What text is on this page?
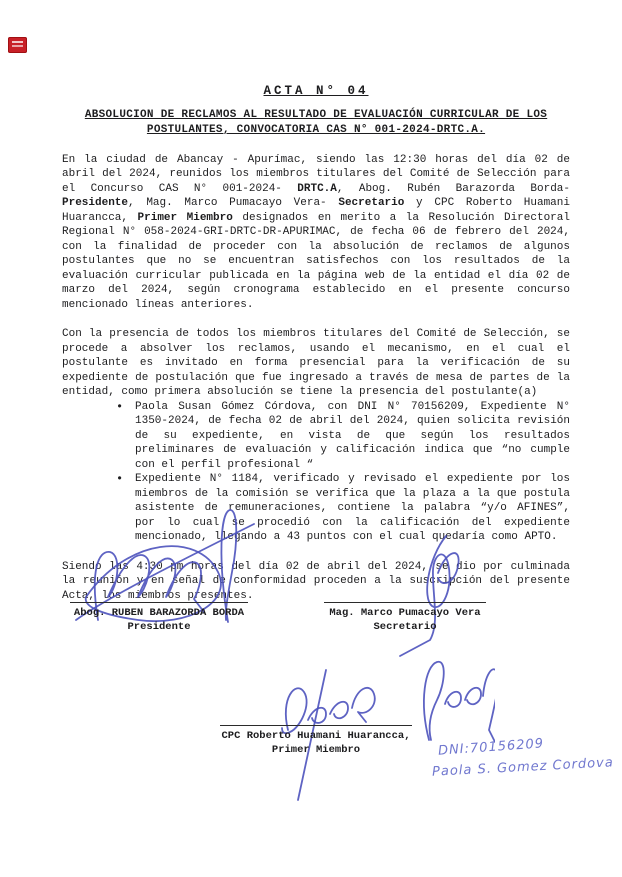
ACTA N° 04
ABSOLUCION DE RECLAMOS AL RESULTADO DE EVALUACIÓN CURRICULAR DE LOS POSTULANTES, CONVOCATORIA CAS N° 001-2024-DRTC.A.

En la ciudad de Abancay - Apurímac, siendo las 12:30 horas del día 02 de abril del 2024, reunidos los miembros titulares del Comité de Selección para el Concurso CAS N° 001-2024- DRTC.A, Abog. Rubén Barazorda Borda- Presidente, Mag. Marco Pumacayo Vera- Secretario y CPC Roberto Huamani Huarancca, Primer Miembro designados en merito a la Resolución Directoral Regional N° 058-2024-GRI-DRTC-DR-APURIMAC, de fecha 06 de febrero del 2024, con la finalidad de proceder con la absolución de reclamos de algunos postulantes que no se encuentran satisfechos con los resultados de la evaluación curricular publicada en la página web de la entidad el día 02 de marzo del 2024, según cronograma establecido en el presente concurso mencionado líneas anteriores.

Con la presencia de todos los miembros titulares del Comité de Selección, se procede a absolver los reclamos, usando el mecanismo, en el cual el postulante es invitado en forma presencial para la verificación de su expediente de postulación que fue ingresado a través de mesa de partes de la entidad, como primera absolución se tiene la presencia del postulante(a)

• Paola Susan Gómez Córdova, con DNI N° 70156209, Expediente N° 1350-2024, de fecha 02 de abril del 2024, quien solicita revisión de su expediente, en vista de que según los resultados preliminares de evaluación y calificación indica que “no cumple con el perfil profesional “
• Expediente N° 1184, verificado y revisado el expediente por los miembros de la comisión se verifica que la plaza a la que postula asistente de remuneraciones, contiene la palabra “y/o AFINES”, por lo cual se procedió con la calificación del expediente mencionado, llegando a 43 puntos con el cual quedaría como APTO.

Siendo las 4:30 pm horas del día 02 de abril del 2024, se dio por culminada la reunión y en señal de conformidad proceden a la suscripción del presente Acta, los miembros presentes.

Abog. RUBEN BARAZORDA BORDA
Presidente
Mag. Marco Pumacayo Vera
Secretario
CPC Roberto Huamani Huarancca,
Primer Miembro	DNI:70156209
Paola S. Gomez Cordova
